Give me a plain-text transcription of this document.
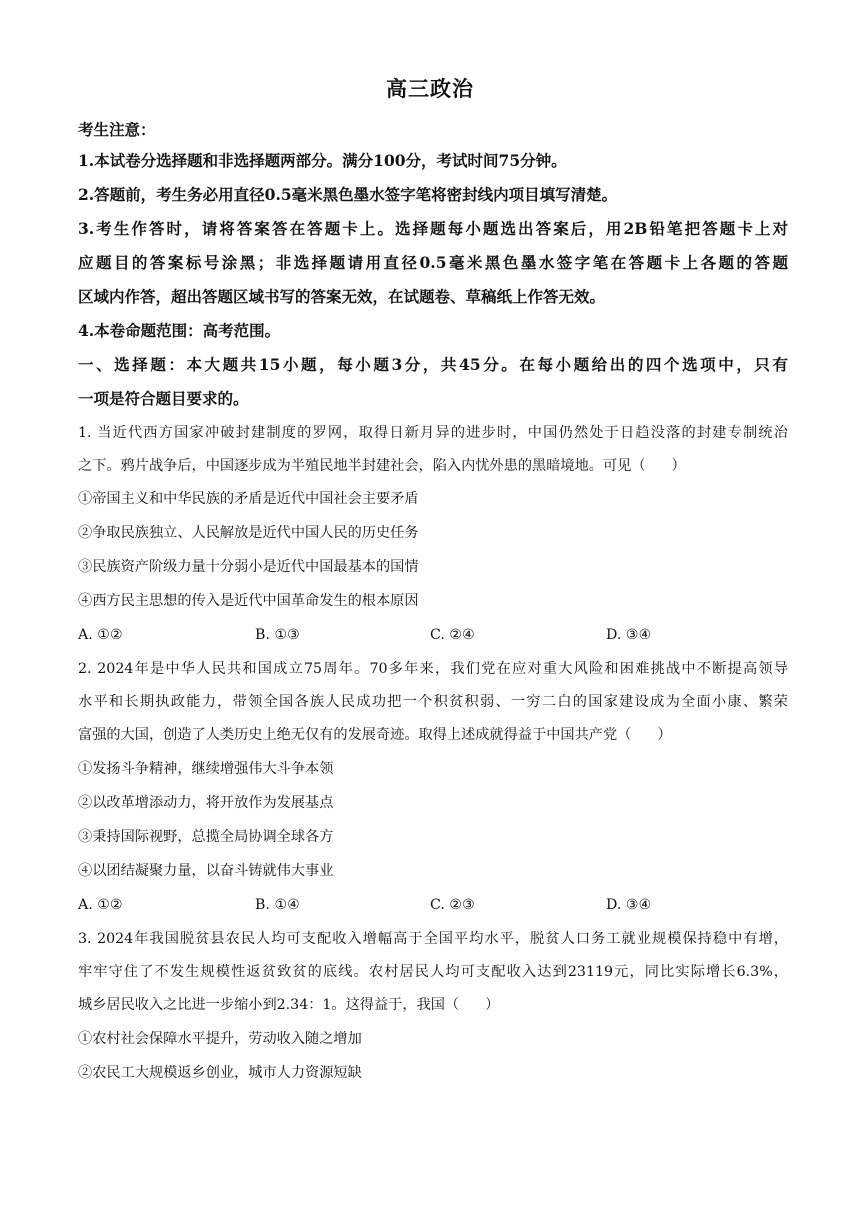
高三政治
考生注意：
1.本试卷分选择题和非选择题两部分。满分100分，考试时间75分钟。
2.答题前，考生务必用直径0.5毫米黑色墨水签字笔将密封线内项目填写清楚。
3.考生作答时，请将答案答在答题卡上。选择题每小题选出答案后，用2B铅笔把答题卡上对
应题目的答案标号涂黑；非选择题请用直径0.5毫米黑色墨水签字笔在答题卡上各题的答题
区域内作答，超出答题区域书写的答案无效，在试题卷、草稿纸上作答无效。
4.本卷命题范围：高考范围。
一、选择题：本大题共15小题，每小题3分，共45分。在每小题给出的四个选项中，只有
一项是符合题目要求的。
1. 当近代西方国家冲破封建制度的罗网，取得日新月异的进步时，中国仍然处于日趋没落的封建专制统治
之下。鸦片战争后，中国逐步成为半殖民地半封建社会，陷入内忧外患的黑暗境地。可见（ ）
①帝国主义和中华民族的矛盾是近代中国社会主要矛盾
②争取民族独立、人民解放是近代中国人民的历史任务
③民族资产阶级力量十分弱小是近代中国最基本的国情
④西方民主思想的传入是近代中国革命发生的根本原因
A. ①②	B. ①③	C. ②④	D. ③④
2. 2024年是中华人民共和国成立75周年。70多年来，我们党在应对重大风险和困难挑战中不断提高领导
水平和长期执政能力，带领全国各族人民成功把一个积贫积弱、一穷二白的国家建设成为全面小康、繁荣
富强的大国，创造了人类历史上绝无仅有的发展奇迹。取得上述成就得益于中国共产党（ ）
①发扬斗争精神，继续增强伟大斗争本领
②以改革增添动力，将开放作为发展基点
③秉持国际视野，总揽全局协调全球各方
④以团结凝聚力量，以奋斗铸就伟大事业
A. ①②	B. ①④	C. ②③	D. ③④
3. 2024年我国脱贫县农民人均可支配收入增幅高于全国平均水平，脱贫人口务工就业规模保持稳中有增，
牢牢守住了不发生规模性返贫致贫的底线。农村居民人均可支配收入达到23119元，同比实际增长6.3%，
城乡居民收入之比进一步缩小到2.34：1。这得益于，我国（ ）
①农村社会保障水平提升，劳动收入随之增加
②农民工大规模返乡创业，城市人力资源短缺
